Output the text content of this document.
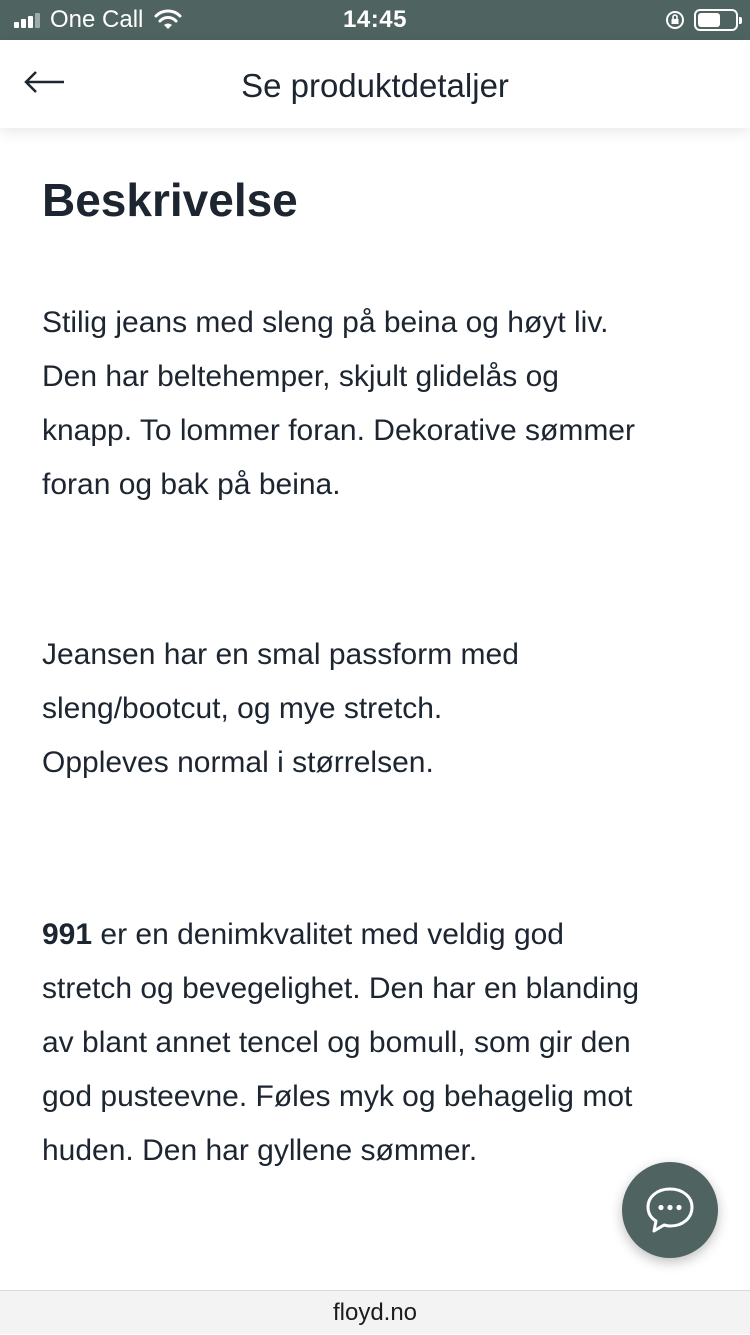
One Call	14:45
Se produktdetaljer
Beskrivelse
Stilig jeans med sleng på beina og høyt liv.
Den har beltehemper, skjult glidelås og
knapp. To lommer foran. Dekorative sømmer
foran og bak på beina.
Jeansen har en smal passform med
sleng/bootcut, og mye stretch.
Oppleves normal i størrelsen.
991 er en denimkvalitet med veldig god
stretch og bevegelighet. Den har en blanding
av blant annet tencel og bomull, som gir den
god pusteevne. Føles myk og behagelig mot
huden. Den har gyllene sømmer.
floyd.no
